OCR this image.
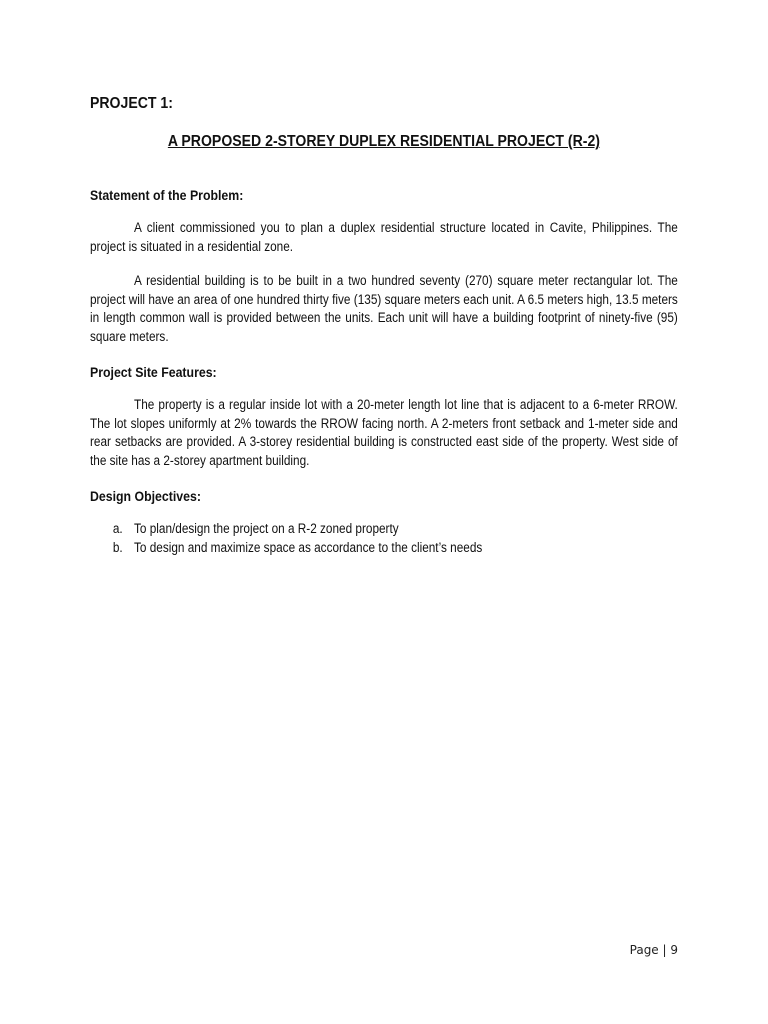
PROJECT 1:
A PROPOSED 2-STOREY DUPLEX RESIDENTIAL PROJECT (R-2)
Statement of the Problem:

A client commissioned you to plan a duplex residential structure located in Cavite, Philippines. The project is situated in a residential zone.

A residential building is to be built in a two hundred seventy (270) square meter rectangular lot. The project will have an area of one hundred thirty five (135) square meters each unit. A 6.5 meters high, 13.5 meters in length common wall is provided between the units. Each unit will have a building footprint of ninety-five (95) square meters.

Project Site Features:

The property is a regular inside lot with a 20-meter length lot line that is adjacent to a 6-meter RROW. The lot slopes uniformly at 2% towards the RROW facing north. A 2-meters front setback and 1-meter side and rear setbacks are provided. A 3-storey residential building is constructed east side of the property. West side of the site has a 2-storey apartment building.

Design Objectives:
a. To plan/design the project on a R-2 zoned property
b. To design and maximize space as accordance to the client’s needs
Page | 9
